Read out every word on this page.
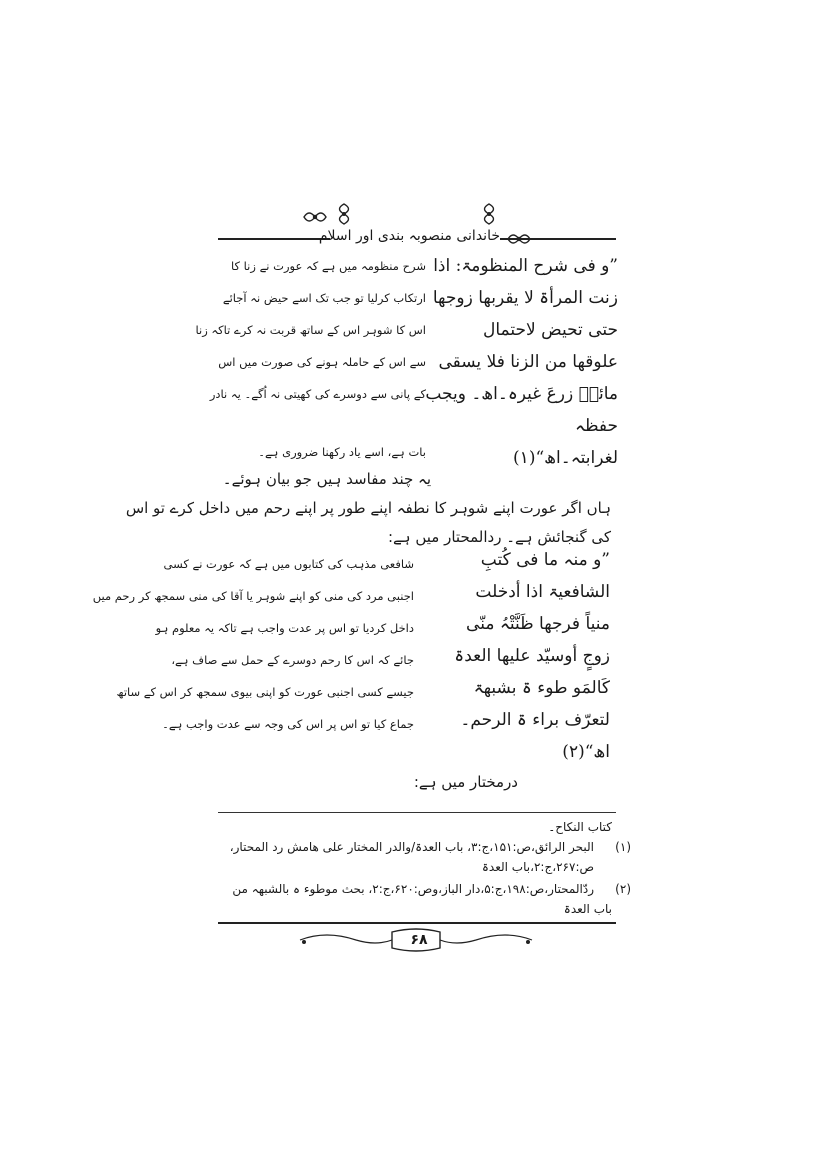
خاندانی منصوبہ بندی اور اسلام
”و فی شرح المنظومۃ: اذا
زنت المرأۃ لا یقربھا زوجھا
حتی تحیض لاحتمال
علوقھا من الزنا فلا یسقی
مائہٗ زرعَ غیرہ۔اھ۔ ویجب
حفظہ
لغرابتہ۔اھ“(۱)
شرح منظومہ میں ہے کہ عورت نے زنا کا
ارتکاب کرلیا تو جب تک اسے حیض نہ آجائے
اس کا شوہر اس کے ساتھ قربت نہ کرے تاکہ زنا
سے اس کے حاملہ ہونے کی صورت میں اس
کے پانی سے دوسرے کی کھیتی نہ اُگے۔ یہ نادر
بات ہے، اسے یاد رکھنا ضروری ہے۔
یہ چند مفاسد ہیں جو بیان ہوئے۔
ہاں اگر عورت اپنے شوہر کا نطفہ اپنے طور پر اپنے رحم میں داخل کرے تو اس
کی گنجائش ہے۔ ردالمحتار میں ہے:
”و منہ ما فی کُتبِ
الشافعیۃ اذا أدخلت
منیاً فرجھا ظَنَّتْہُ منّی
زوجٍ أوسیّد علیھا العدۃ
کَالمَو طوء ۃ بشبھۃ
لتعرّف براء ۃ الرحم۔
اھ“(۲)
شافعی مذہب کی کتابوں میں ہے کہ عورت نے کسی
اجنبی مرد کی منی کو اپنے شوہر یا آقا کی منی سمجھ کر رحم میں
داخل کردیا تو اس پر عدت واجب ہے تاکہ یہ معلوم ہو
جائے کہ اس کا رحم دوسرے کے حمل سے صاف ہے،
جیسے کسی اجنبی عورت کو اپنی بیوی سمجھ کر اس کے ساتھ
جماع کیا تو اس پر اس کی وجہ سے عدت واجب ہے۔
درمختار میں ہے:
کتاب النکاح۔
(۱)
البحر الرائق،ص:۱۵۱،ج:۳، باب العدۃ/والدر المختار علی ھامش رد المحتار،
ص:۲۶۷،ج:۲،باب العدۃ
(۲)
ردّالمحتار،ص:۱۹۸،ج:۵،دار الباز،وص:۶۲۰،ج:۲، بحث موطوء ہ بالشبھہ من
باب العدۃ
۶۸
